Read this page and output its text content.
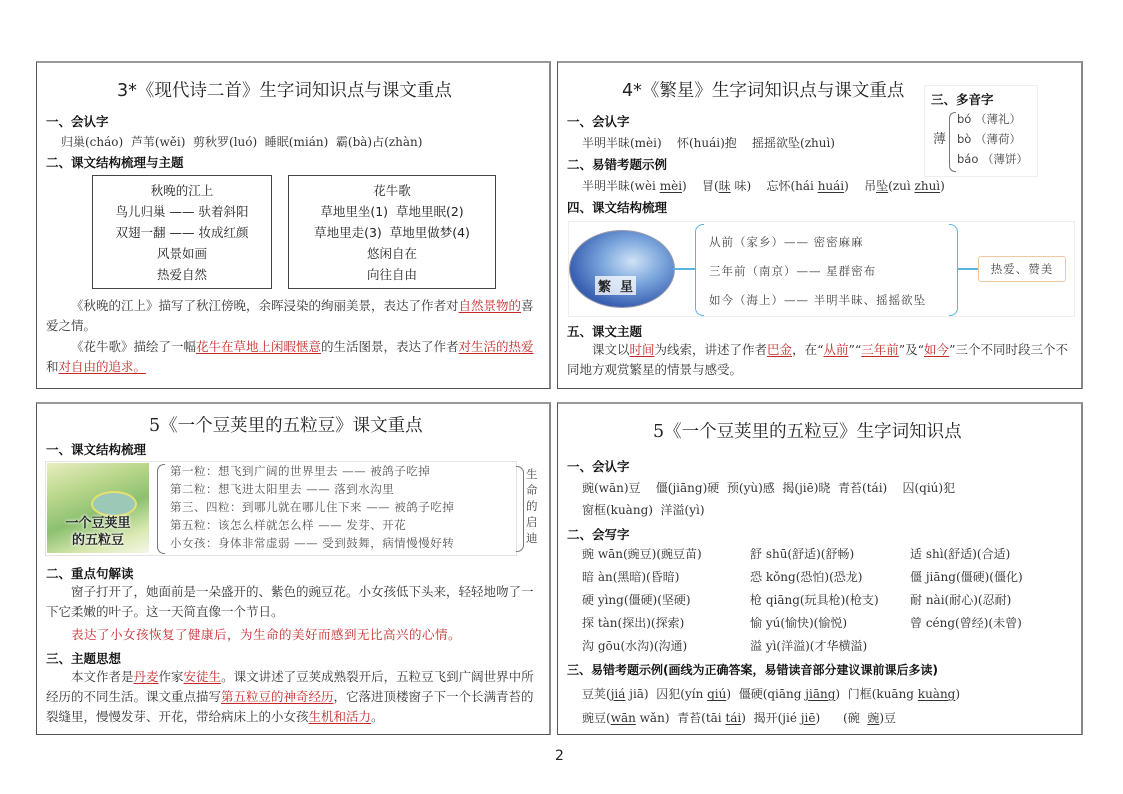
3*《现代诗二首》生字词知识点与课文重点
一、会认字
归巢(cháo)  芦苇(wěi)  剪秋罗(luó)  睡眠(mián)  霸(bà)占(zhàn)
二、课文结构梳理与主题
秋晚的江上
鸟儿归巢 —— 驮着斜阳
双翅一翻 —— 妆成红颜
风景如画
热爱自然
花牛歌
草地里坐(1)  草地里眠(2)
草地里走(3)  草地里做梦(4)
悠闲自在
向往自由
《秋晚的江上》描写了秋江傍晚，余晖浸染的绚丽美景，表达了作者对自然景物的喜爱之情。
《花牛歌》描绘了一幅花牛在草地上闲暇惬意的生活图景，表达了作者对生活的热爱和对自由的追求。
4*《繁星》生字词知识点与课文重点 三、多音字
薄
bó （薄礼）
bò （薄荷）
báo （薄饼）
一、会认字
半明半昧(mèi)    怀(huái)抱    摇摇欲坠(zhuì)
二、易错考题示例
半明半昧(wèi mèi) 冒(昧 味) 忘怀(hái huái) 吊坠(zuì zhuì)
四、课文结构梳理
繁  星
从前（家乡）—— 密密麻麻
三年前（南京）—— 星群密布
如今（海上）—— 半明半昧、摇摇欲坠
热爱、赞美
五、课文主题
课文以时间为线索，讲述了作者巴金，在“从前”“三年前”及“如今”三个不同时段三个不同地方观赏繁星的情景与感受。
5《一个豆荚里的五粒豆》课文重点
一、课文结构梳理
一个豆荚里
的五粒豆
第一粒：想飞到广阔的世界里去 —— 被鸽子吃掉
第二粒：想飞进太阳里去 —— 落到水沟里
第三、四粒：到哪儿就在哪儿住下来 —— 被鸽子吃掉
第五粒：该怎么样就怎么样 —— 发芽、开花
小女孩：身体非常虚弱 —— 受到鼓舞，病情慢慢好转
生命的启迪
二、重点句解读
窗子打开了，她面前是一朵盛开的、紫色的豌豆花。小女孩低下头来，轻轻地吻了一下它柔嫩的叶子。这一天简直像一个节日。
表达了小女孩恢复了健康后，为生命的美好而感到无比高兴的心情。
三、主题思想
本文作者是丹麦作家安徒生。课文讲述了豆荚成熟裂开后，五粒豆飞到广阔世界中所经历的不同生活。课文重点描写第五粒豆的神奇经历，它落进顶楼窗子下一个长满青苔的裂缝里，慢慢发芽、开花，带给病床上的小女孩生机和活力。
5《一个豆荚里的五粒豆》生字词知识点
一、会认字
豌(wān)豆    僵(jiāng)硬  预(yù)感  揭(jiē)晓  青苔(tái)    囚(qiú)犯
窗框(kuàng)  洋溢(yì)
二、会写字
豌 wān(豌豆)(豌豆苗)
暗 àn(黑暗)(昏暗)
硬 yìng(僵硬)(坚硬)
探 tàn(探出)(探索)
沟 gōu(水沟)(沟通)
舒 shū(舒适)(舒畅)
恐 kǒng(恐怕)(恐龙)
枪 qiāng(玩具枪)(枪支)
愉 yú(愉快)(愉悦)
溢 yì(洋溢)(才华横溢)
适 shì(舒适)(合适)
僵 jiāng(僵硬)(僵化)
耐 nài(耐心)(忍耐)
曾 céng(曾经)(未曾)
三、易错考题示例(画线为正确答案，易错读音部分建议课前课后多读)
豆荚(jiá jiā) 囚犯(yín qiú) 僵硬(qiāng jiāng) 门框(kuāng kuàng)
豌豆(wān wǎn) 青苔(tāi tái) 揭开(jié jiē) (碗  豌)豆
2
